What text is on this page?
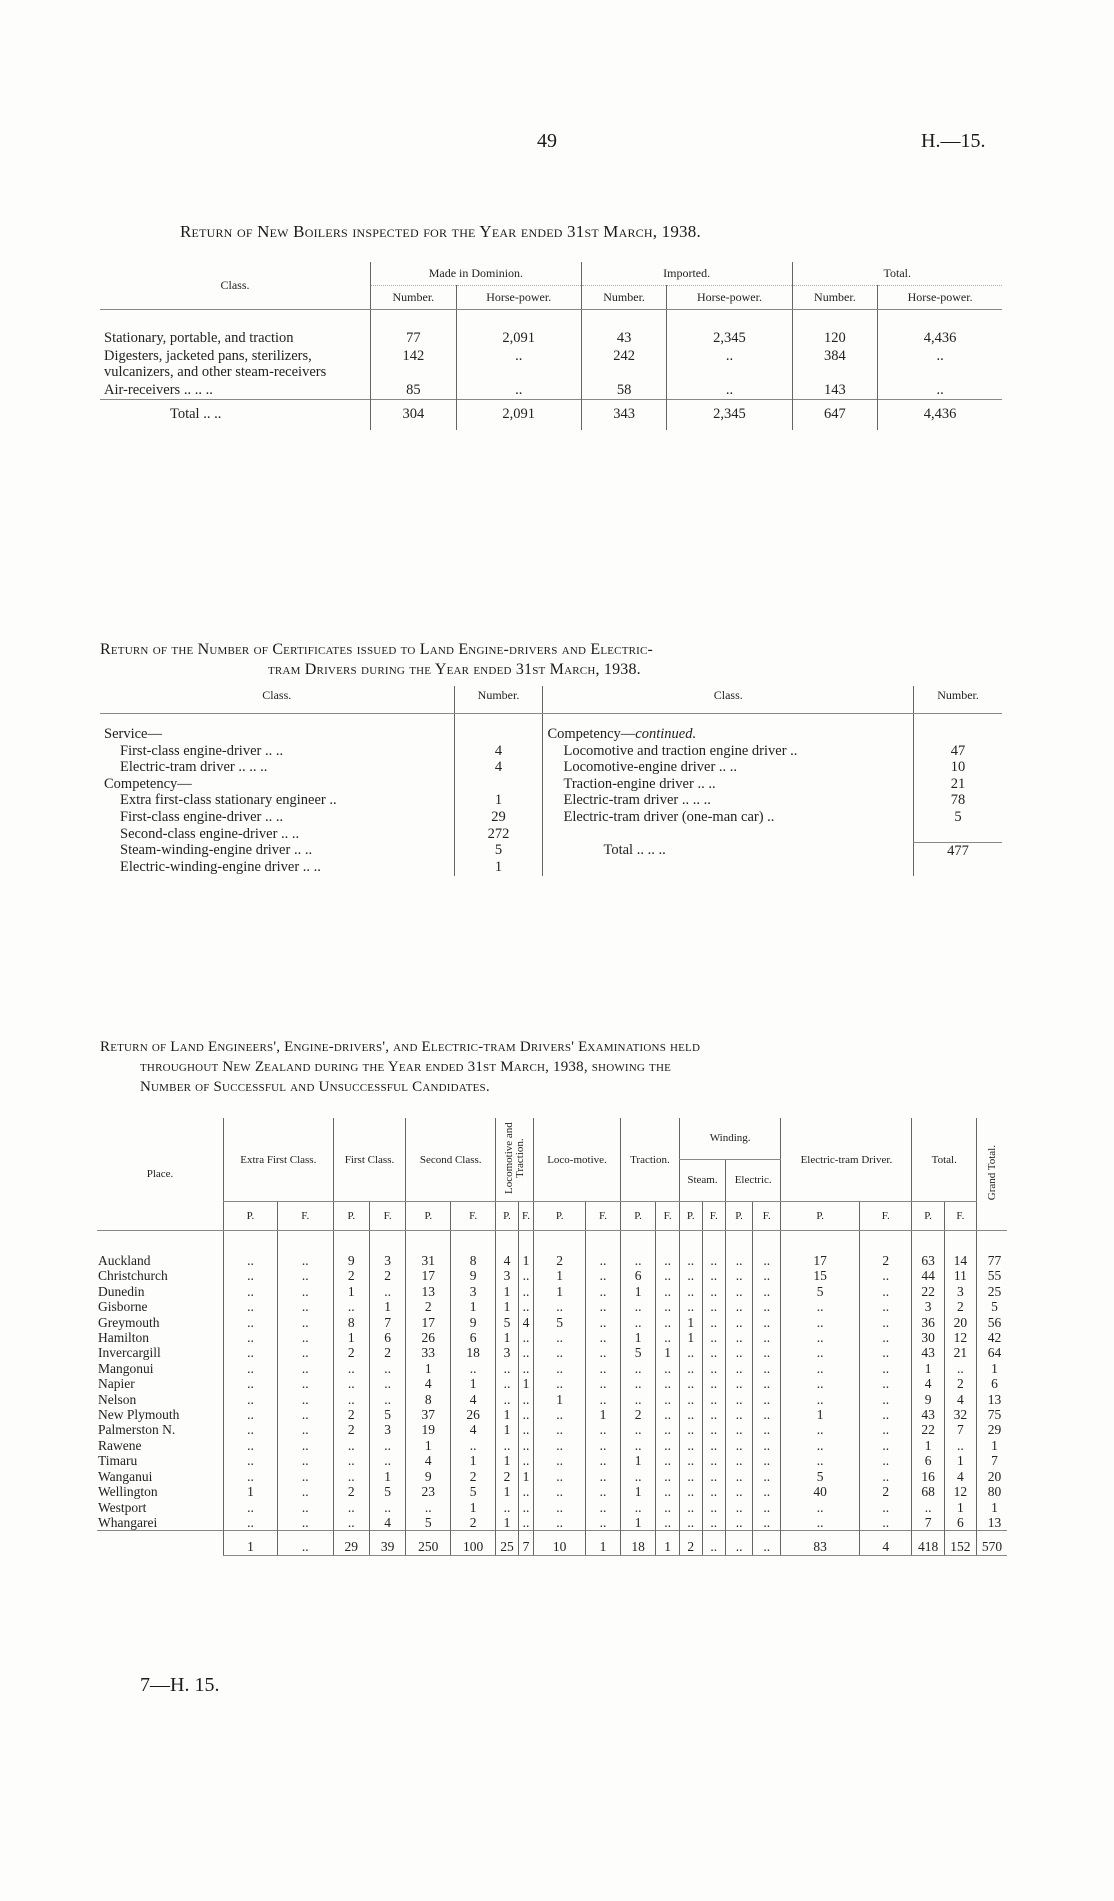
49	H.—15.
Return of New Boilers inspected for the Year ended 31st March, 1938.
Class.	Made in Dominion.		Imported.		Total.	
	Number.	Horse-power.	Number.	Horse-power.	Number.	Horse-power.
Stationary, portable, and traction	77	2,091	43	2,345	120	4,436
Digesters, jacketed pans, sterilizers, vulcanizers, and other steam-receivers	142	..	242	..	384	..
Air-receivers .. .. ..	85	..	58	..	143	..
Total .. ..	304	2,091	343	2,345	647	4,436
Return of the Number of Certificates issued to Land Engine-drivers and Electric-
tram Drivers during the Year ended 31st March, 1938.
Class.	Number.	Class.	Number.
Service—		Competency—continued.	
First-class engine-driver .. ..	4	Locomotive and traction engine driver ..	47
Electric-tram driver .. .. ..	4	Locomotive-engine driver .. ..	10
Competency—		Traction-engine driver .. ..	21
Extra first-class stationary engineer ..	1	Electric-tram driver .. .. ..	78
First-class engine-driver .. ..	29	Electric-tram driver (one-man car) ..	5
Second-class engine-driver .. ..	272		
Steam-winding-engine driver .. ..	5	Total .. .. ..	477
Electric-winding-engine driver .. ..	1		
Return of Land Engineers', Engine-drivers', and Electric-tram Drivers' Examinations held
throughout New Zealand during the Year ended 31st March, 1938, showing the
Number of Successful and Unsuccessful Candidates.
Place.	Extra First Class.		First Class.		Second Class.		Locomotive and Traction.		Loco-motive.		Traction.		Winding.				Electric-tram Driver.		Total.		Grand Total.
													Steam.		Electric.						
	P.	F.	P.	F.	P.	F.	P.	F.	P.	F.	P.	F.	P.	F.	P.	F.	P.	F.	P.	F.	
Auckland	..	..	9	3	31	8	4	1	2	..	..	..	..	..	..	..	17	2	63	14	77
Christchurch	..	..	2	2	17	9	3	..	1	..	6	..	..	..	..	..	15	..	44	11	55
Dunedin	..	..	1	..	13	3	1	..	1	..	1	..	..	..	..	..	5	..	22	3	25
Gisborne	..	..	..	1	2	1	1	..	..	..	..	..	..	..	..	..	..	..	3	2	5
Greymouth	..	..	8	7	17	9	5	4	5	..	..	..	1	..	..	..	..	..	36	20	56
Hamilton	..	..	1	6	26	6	1	..	..	..	1	..	1	..	..	..	..	..	30	12	42
Invercargill	..	..	2	2	33	18	3	..	..	..	5	1	..	..	..	..	..	..	43	21	64
Mangonui	..	..	..	..	1	..	..	..	..	..	..	..	..	..	..	..	..	..	1	..	1
Napier	..	..	..	..	4	1	..	1	..	..	..	..	..	..	..	..	..	..	4	2	6
Nelson	..	..	..	..	8	4	..	..	1	..	..	..	..	..	..	..	..	..	9	4	13
New Plymouth	..	..	2	5	37	26	1	..	..	1	2	..	..	..	..	..	1	..	43	32	75
Palmerston N.	..	..	2	3	19	4	1	..	..	..	..	..	..	..	..	..	..	..	22	7	29
Rawene	..	..	..	..	1	..	..	..	..	..	..	..	..	..	..	..	..	..	1	..	1
Timaru	..	..	..	..	4	1	1	..	..	..	1	..	..	..	..	..	..	..	6	1	7
Wanganui	..	..	..	1	9	2	2	1	..	..	..	..	..	..	..	..	5	..	16	4	20
Wellington	1	..	2	5	23	5	1	..	..	..	1	..	..	..	..	..	40	2	68	12	80
Westport	..	..	..	..	..	1	..	..	..	..	..	..	..	..	..	..	..	..	..	1	1
Whangarei	..	..	..	4	5	2	1	..	..	..	1	..	..	..	..	..	..	..	7	6	13
	1	..	29	39	250	100	25	7	10	1	18	1	2	..	..	..	83	4	418	152	570
7—H. 15.
